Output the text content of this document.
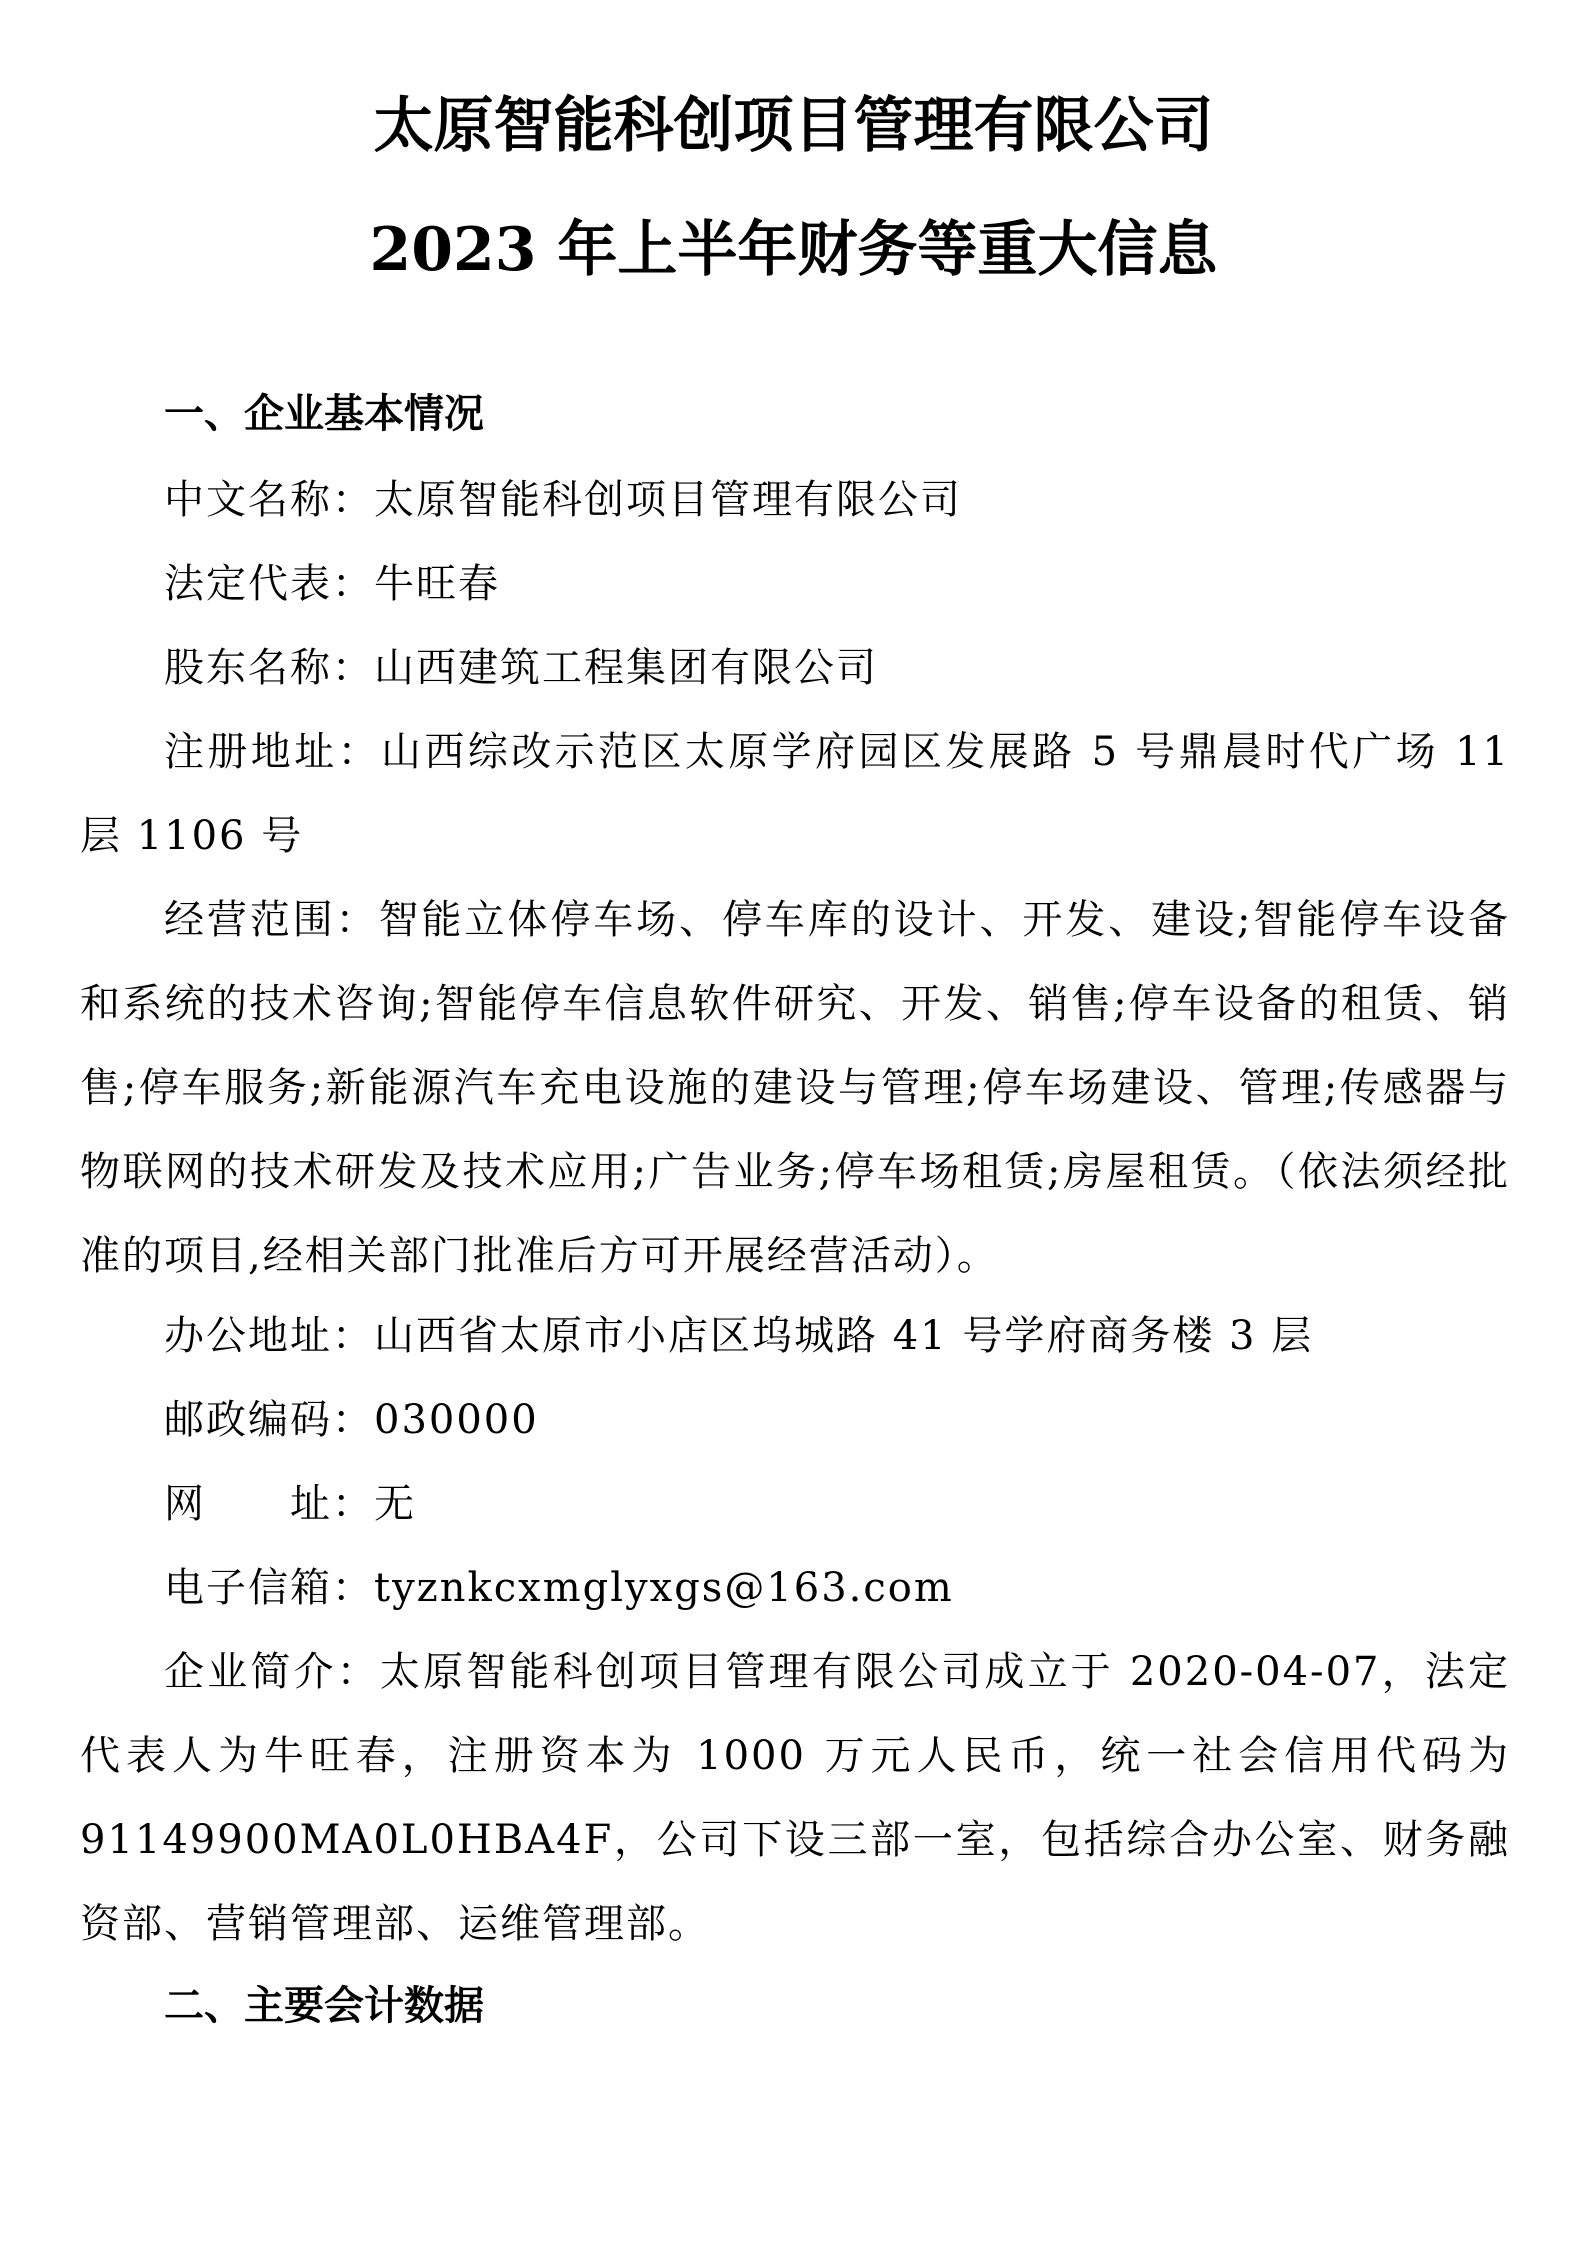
太原智能科创项目管理有限公司
2023 年上半年财务等重大信息
一、企业基本情况
中文名称：太原智能科创项目管理有限公司
法定代表：牛旺春
股东名称：山西建筑工程集团有限公司
注册地址：山西综改示范区太原学府园区发展路 5 号鼎晨时代广场 11 层 1106 号
经营范围：智能立体停车场、停车库的设计、开发、建设;智能停车设备和系统的技术咨询;智能停车信息软件研究、开发、销售;停车设备的租赁、销售;停车服务;新能源汽车充电设施的建设与管理;停车场建设、管理;传感器与物联网的技术研发及技术应用;广告业务;停车场租赁;房屋租赁。（依法须经批准的项目,经相关部门批准后方可开展经营活动）。
办公地址：山西省太原市小店区坞城路 41 号学府商务楼 3 层
邮政编码：030000
网　　址：无
电子信箱：tyznkcxmglyxgs@163.com
企业简介：太原智能科创项目管理有限公司成立于 2020-04-07，法定代表人为牛旺春，注册资本为 1000 万元人民币，统一社会信用代码为 91149900MA0L0HBA4F，公司下设三部一室，包括综合办公室、财务融资部、营销管理部、运维管理部。
二、主要会计数据
